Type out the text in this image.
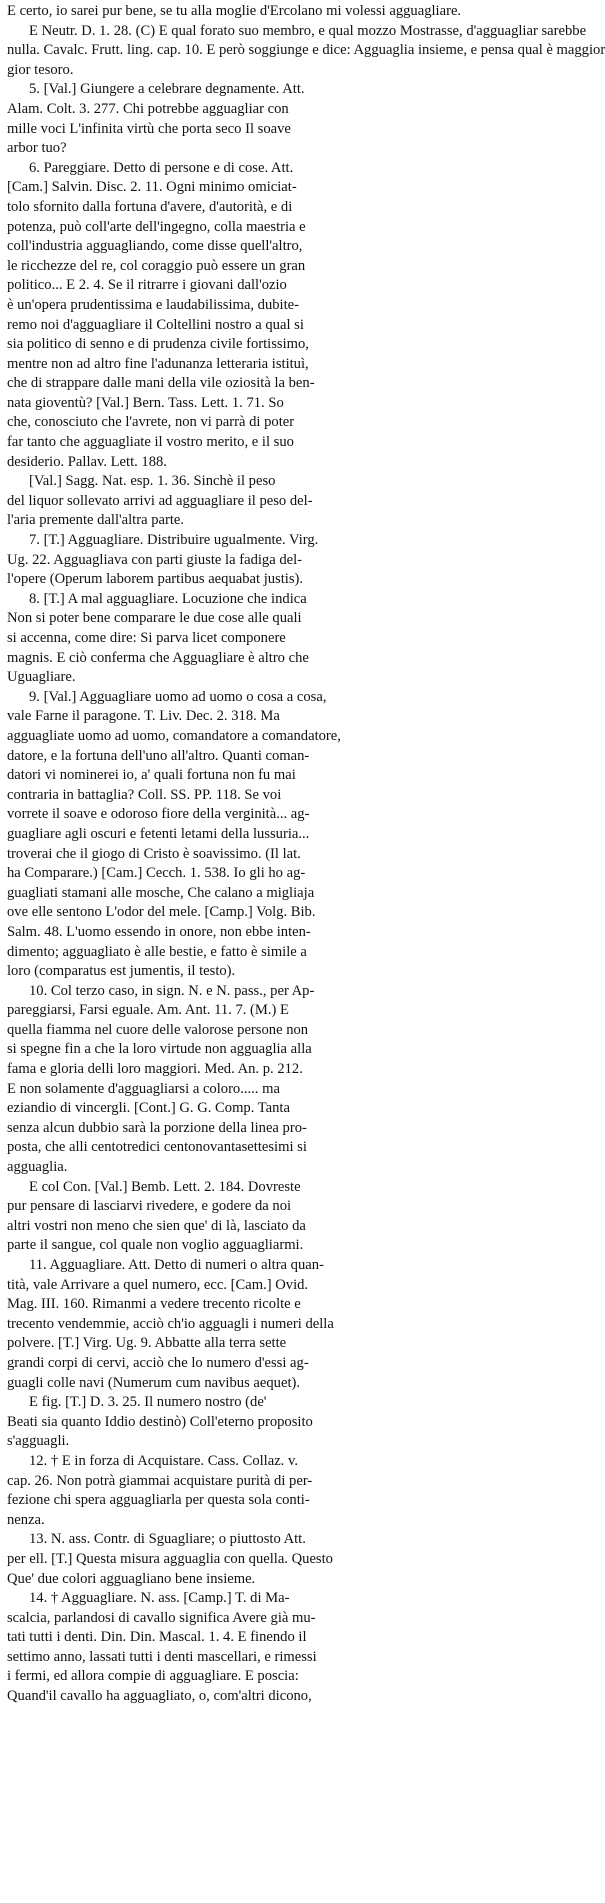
E certo, io sarei pur bene, se tu alla moglie d'Ercolano mi volessi agguagliare.
E Neutr. D. 1. 28. (C) E qual forato suo membro, e qual mozzo Mostrasse, d'agguagliar sarebbe
nulla. Cavalc. Frutt. ling. cap. 10. E però soggiunge e dice: Agguaglia insieme, e pensa qual è maggior
gior tesoro.
5. [Val.] Giungere a celebrare degnamente. Att.
Alam. Colt. 3. 277. Chi potrebbe agguagliar con
mille voci L'infinita virtù che porta seco Il soave
arbor tuo?
6. Pareggiare. Detto di persone e di cose. Att.
[Cam.] Salvin. Disc. 2. 11. Ogni minimo omiciat-
tolo sfornito dalla fortuna d'avere, d'autorità, e di
potenza, può coll'arte dell'ingegno, colla maestria e
coll'industria agguagliando, come disse quell'altro,
le ricchezze del re, col coraggio può essere un gran
politico... E 2. 4. Se il ritrarre i giovani dall'ozio
è un'opera prudentissima e laudabilissima, dubite-
remo noi d'agguagliare il Coltellini nostro a qual si
sia politico di senno e di prudenza civile fortissimo,
mentre non ad altro fine l'adunanza letteraria istituì,
che di strappare dalle mani della vile oziosità la ben-
nata gioventù? [Val.] Bern. Tass. Lett. 1. 71. So
che, conosciuto che l'avrete, non vi parrà di poter
far tanto che agguagliate il vostro merito, e il suo
desiderio. Pallav. Lett. 188.
[Val.] Sagg. Nat. esp. 1. 36. Sinchè il peso
del liquor sollevato arrivi ad agguagliare il peso del-
l'aria premente dall'altra parte.
7. [T.] Agguagliare. Distribuire ugualmente. Virg.
Ug. 22. Agguagliava con parti giuste la fadiga del-
l'opere (Operum laborem partibus aequabat justis).
8. [T.] A mal agguagliare. Locuzione che indica
Non si poter bene comparare le due cose alle quali
si accenna, come dire: Si parva licet componere
magnis. E ciò conferma che Agguagliare è altro che
Uguagliare.
9. [Val.] Agguagliare uomo ad uomo o cosa a cosa,
vale Farne il paragone. T. Liv. Dec. 2. 318. Ma
agguagliate uomo ad uomo, comandatore a comandatore,
datore, e la fortuna dell'uno all'altro. Quanti coman-
datori vi nominerei io, a' quali fortuna non fu mai
contraria in battaglia? Coll. SS. PP. 118. Se voi
vorrete il soave e odoroso fiore della verginità... ag-
guagliare agli oscuri e fetenti letami della lussuria...
troverai che il giogo di Cristo è soavissimo. (Il lat.
ha Comparare.) [Cam.] Cecch. 1. 538. Io gli ho ag-
guagliati stamani alle mosche, Che calano a migliaja
ove elle sentono L'odor del mele. [Camp.] Volg. Bib.
Salm. 48. L'uomo essendo in onore, non ebbe inten-
dimento; agguagliato è alle bestie, e fatto è simile a
loro (comparatus est jumentis, il testo).
10. Col terzo caso, in sign. N. e N. pass., per Ap-
pareggiarsi, Farsi eguale. Am. Ant. 11. 7. (M.) E
quella fiamma nel cuore delle valorose persone non
si spegne fin a che la loro virtude non agguaglia alla
fama e gloria delli loro maggiori. Med. An. p. 212.
E non solamente d'agguagliarsi a coloro..... ma
eziandio di vincergli. [Cont.] G. G. Comp. Tanta
senza alcun dubbio sarà la porzione della linea pro-
posta, che alli centotredici centonovantasettesimi si
agguaglia.
E col Con. [Val.] Bemb. Lett. 2. 184. Dovreste
pur pensare di lasciarvi rivedere, e godere da noi
altri vostri non meno che sien que' di là, lasciato da
parte il sangue, col quale non voglio agguagliarmi.
11. Agguagliare. Att. Detto di numeri o altra quan-
tità, vale Arrivare a quel numero, ecc. [Cam.] Ovid.
Mag. III. 160. Rimanmi a vedere trecento ricolte e
trecento vendemmie, acciò ch'io agguagli i numeri della
polvere. [T.] Virg. Ug. 9. Abbatte alla terra sette
grandi corpi di cervi, acciò che lo numero d'essi ag-
guagli colle navi (Numerum cum navibus aequet).
E fig. [T.] D. 3. 25. Il numero nostro (de'
Beati sia quanto Iddio destinò) Coll'eterno proposito
s'agguagli.
12. † E in forza di Acquistare. Cass. Collaz. v.
cap. 26. Non potrà giammai acquistare purità di per-
fezione chi spera agguagliarla per questa sola conti-
nenza.
13. N. ass. Contr. di Sguagliare; o piuttosto Att.
per ell. [T.] Questa misura agguaglia con quella. Questo
Que' due colori agguagliano bene insieme.
14. † Agguagliare. N. ass. [Camp.] T. di Ma-
scalcia, parlandosi di cavallo significa Avere già mu-
tati tutti i denti. Din. Din. Mascal. 1. 4. E finendo il
settimo anno, lassati tutti i denti mascellari, e rimessi
i fermi, ed allora compie di agguagliare. E poscia:
Quand'il cavallo ha agguagliato, o, com'altri dicono,
